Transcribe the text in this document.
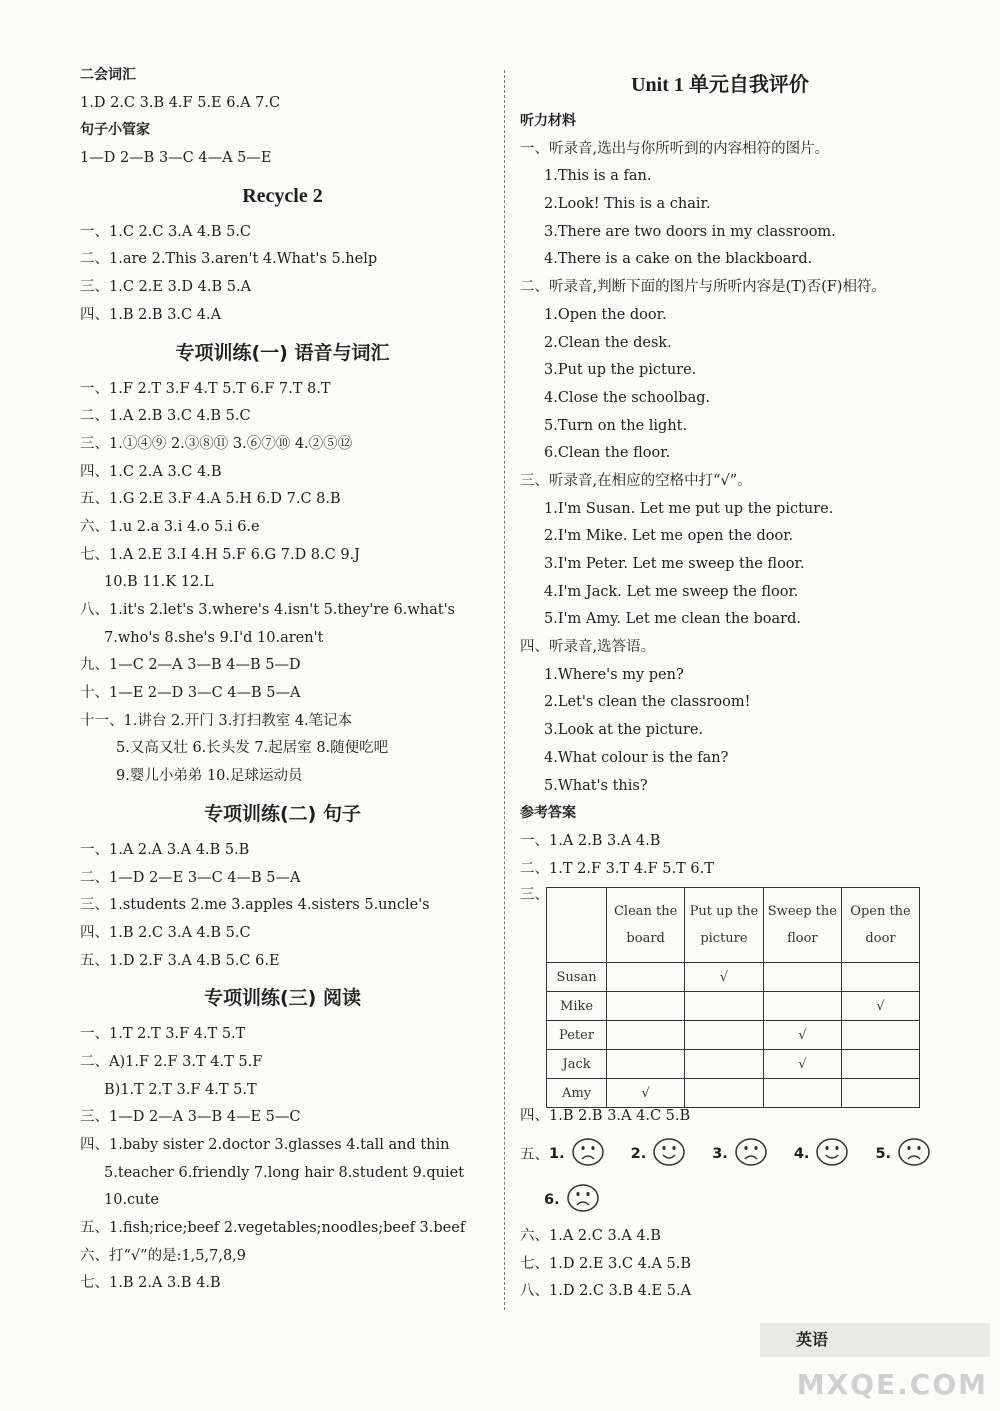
二会词汇
1.D 2.C 3.B 4.F 5.E 6.A 7.C
句子小管家
1—D 2—B 3—C 4—A 5—E
Recycle 2
一、1.C 2.C 3.A 4.B 5.C
二、1.are 2.This 3.aren't 4.What's 5.help
三、1.C 2.E 3.D 4.B 5.A
四、1.B 2.B 3.C 4.A
专项训练(一) 语音与词汇
一、1.F 2.T 3.F 4.T 5.T 6.F 7.T 8.T
二、1.A 2.B 3.C 4.B 5.C
三、1.①④⑨ 2.③⑧⑪ 3.⑥⑦⑩ 4.②⑤⑫
四、1.C 2.A 3.C 4.B
五、1.G 2.E 3.F 4.A 5.H 6.D 7.C 8.B
六、1.u 2.a 3.i 4.o 5.i 6.e
七、1.A 2.E 3.I 4.H 5.F 6.G 7.D 8.C 9.J
10.B 11.K 12.L
八、1.it's 2.let's 3.where's 4.isn't 5.they're 6.what's
7.who's 8.she's 9.I'd 10.aren't
九、1—C 2—A 3—B 4—B 5—D
十、1—E 2—D 3—C 4—B 5—A
十一、1.讲台 2.开门 3.打扫教室 4.笔记本
5.又高又壮 6.长头发 7.起居室 8.随便吃吧
9.婴儿小弟弟 10.足球运动员
专项训练(二) 句子
一、1.A 2.A 3.A 4.B 5.B
二、1—D 2—E 3—C 4—B 5—A
三、1.students 2.me 3.apples 4.sisters 5.uncle's
四、1.B 2.C 3.A 4.B 5.C
五、1.D 2.F 3.A 4.B 5.C 6.E
专项训练(三) 阅读
一、1.T 2.T 3.F 4.T 5.T
二、A)1.F 2.F 3.T 4.T 5.F
B)1.T 2.T 3.F 4.T 5.T
三、1—D 2—A 3—B 4—E 5—C
四、1.baby sister 2.doctor 3.glasses 4.tall and thin
5.teacher 6.friendly 7.long hair 8.student 9.quiet
10.cute
五、1.fish;rice;beef 2.vegetables;noodles;beef 3.beef
六、打“√”的是:1,5,7,8,9
七、1.B 2.A 3.B 4.B
Unit 1 单元自我评价
听力材料
一、听录音,选出与你所听到的内容相符的图片。
1.This is a fan.
2.Look! This is a chair.
3.There are two doors in my classroom.
4.There is a cake on the blackboard.
二、听录音,判断下面的图片与所听内容是(T)否(F)相符。
1.Open the door.
2.Clean the desk.
3.Put up the picture.
4.Close the schoolbag.
5.Turn on the light.
6.Clean the floor.
三、听录音,在相应的空格中打“√”。
1.I'm Susan. Let me put up the picture.
2.I'm Mike. Let me open the door.
3.I'm Peter. Let me sweep the floor.
4.I'm Jack. Let me sweep the floor.
5.I'm Amy. Let me clean the board.
四、听录音,选答语。
1.Where's my pen?
2.Let's clean the classroom!
3.Look at the picture.
4.What colour is the fan?
5.What's this?
参考答案
一、1.A 2.B 3.A 4.B
二、1.T 2.F 3.T 4.F 5.T 6.T
三、
	Clean the board	Put up the picture	Sweep the floor	Open the door
Susan		√		
Mike				√
Peter			√	
Jack			√	
Amy	√			
四、1.B 2.B 3.A 4.C 5.B
五、 1.	2.	3.	4.	5.
6.
六、1.A 2.C 3.A 4.B
七、1.D 2.E 3.C 4.A 5.B
八、1.D 2.C 3.B 4.E 5.A
英语
MXQE.COM
